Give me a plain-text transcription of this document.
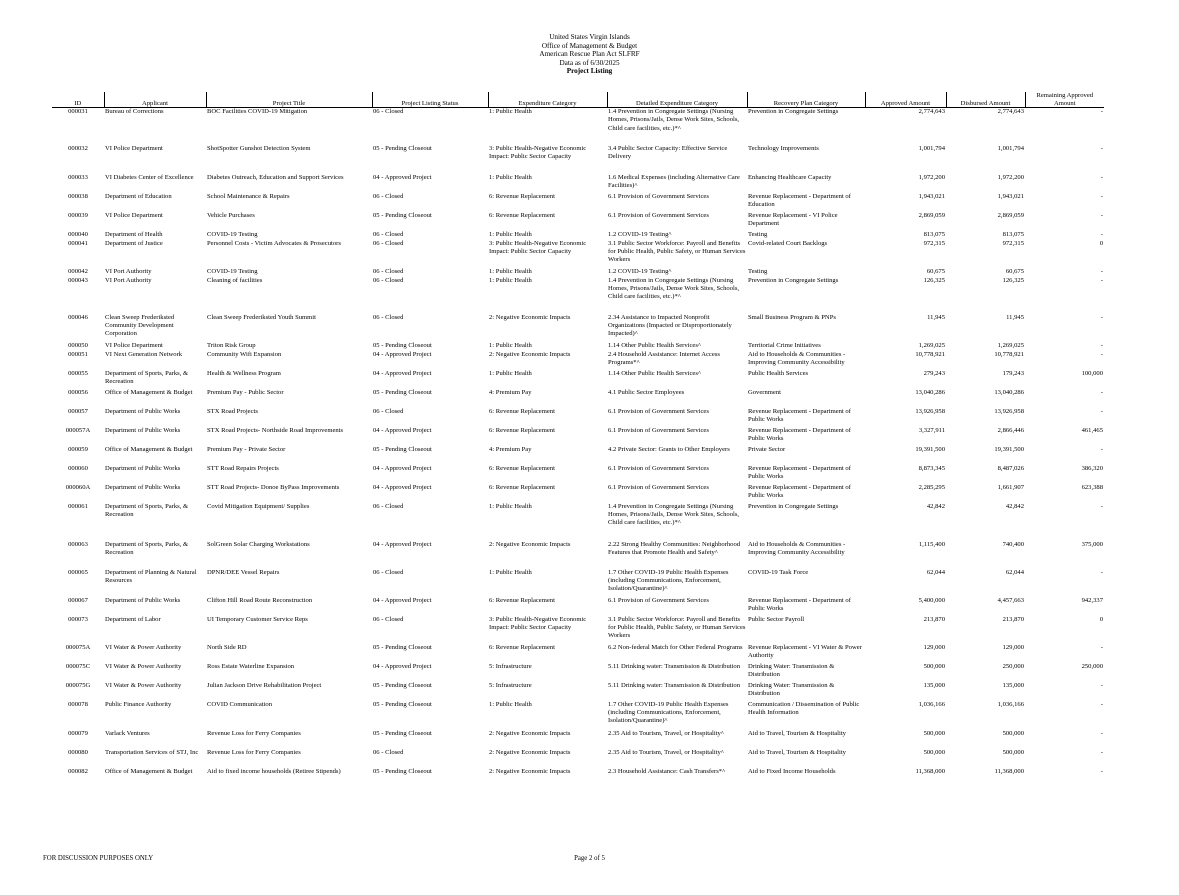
United States Virgin Islands
Office of Management & Budget
American Rescue Plan Act SLFRF
Data as of 6/30/2025
Project Listing
ID	Applicant	Project Title	Project Listing Status	Expenditure Category	Detailed Expenditure Category	Recovery Plan Category	Approved Amount	Disbursed Amount	Remaining Approved Amount
000031	Bureau of Corrections	BOC Facilities COVID-19 Mitigation	06 - Closed	1: Public Health	1.4 Prevention in Congregate Settings (Nursing Homes, Prisons/Jails, Dense Work Sites, Schools, Child care facilities, etc.)*^	Prevention in Congregate Settings	2,774,643	2,774,643	-
000032	VI Police Department	ShotSpotter Gunshot Detection System	05 - Pending Closeout	3: Public Health-Negative Economic Impact: Public Sector Capacity	3.4 Public Sector Capacity: Effective Service Delivery	Technology Improvements	1,001,794	1,001,794	-
000033	VI Diabetes Center of Excellence	Diabetes Outreach, Education and Support Services	04 - Approved Project	1: Public Health	1.6 Medical Expenses (including Alternative Care Facilities)^	Enhancing Healthcare Capacity	1,972,200	1,972,200	-
000038	Department of Education	School Maintenance & Repairs	06 - Closed	6: Revenue Replacement	6.1 Provision of Government Services	Revenue Replacement - Department of Education	1,943,021	1,943,021	-
000039	VI Police Department	Vehicle Purchases	05 - Pending Closeout	6: Revenue Replacement	6.1 Provision of Government Services	Revenue Replacement - VI Police Department	2,869,059	2,869,059	-
000040	Department of Health	COVID-19 Testing	06 - Closed	1: Public Health	1.2 COVID-19 Testing^	Testing	813,075	813,075	-
000041	Department of Justice	Personnel Costs - Victim Advocates & Prosecutors	06 - Closed	3: Public Health-Negative Economic Impact: Public Sector Capacity	3.1 Public Sector Workforce: Payroll and Benefits for Public Health, Public Safety, or Human Services Workers	Covid-related Court Backlogs	972,315	972,315	0
000042	VI Port Authority	COVID-19 Testing	06 - Closed	1: Public Health	1.2 COVID-19 Testing^	Testing	60,675	60,675	-
000043	VI Port Authority	Cleaning of facilities	06 - Closed	1: Public Health	1.4 Prevention in Congregate Settings (Nursing Homes, Prisons/Jails, Dense Work Sites, Schools, Child care facilities, etc.)*^	Prevention in Congregate Settings	126,325	126,325	-
000046	Clean Sweep Frederiksted Community Development Corporation	Clean Sweep Frederiksted Youth Summit	06 - Closed	2: Negative Economic Impacts	2.34 Assistance to Impacted Nonprofit Organizations (Impacted or Disproportionately Impacted)^	Small Business Program & PNPs	11,945	11,945	-
000050	VI Police Department	Triton Risk Group	05 - Pending Closeout	1: Public Health	1.14 Other Public Health Services^	Territorial Crime Initiatives	1,269,025	1,269,025	-
000051	VI Next Generation Network	Community Wifi Expansion	04 - Approved Project	2: Negative Economic Impacts	2.4 Household Assistance: Internet Access Programs*^	Aid to Households & Communities - Improving Community Accessibility	10,778,921	10,778,921	-
000055	Department of Sports, Parks, & Recreation	Health & Wellness Program	04 - Approved Project	1: Public Health	1.14 Other Public Health Services^	Public Health Services	279,243	179,243	100,000
000056	Office of Management & Budget	Premium Pay - Public Sector	05 - Pending Closeout	4: Premium Pay	4.1 Public Sector Employees	Government	13,040,286	13,040,286	-
000057	Department of Public Works	STX Road Projects	06 - Closed	6: Revenue Replacement	6.1 Provision of Government Services	Revenue Replacement - Department of Public Works	13,926,958	13,926,958	-
000057A	Department of Public Works	STX Road Projects- Northside Road Improvements	04 - Approved Project	6: Revenue Replacement	6.1 Provision of Government Services	Revenue Replacement - Department of Public Works	3,327,911	2,866,446	461,465
000059	Office of Management & Budget	Premium Pay - Private Sector	05 - Pending Closeout	4: Premium Pay	4.2 Private Sector: Grants to Other Employers	Private Sector	19,391,500	19,391,500	-
000060	Department of Public Works	STT Road Repairs Projects	04 - Approved Project	6: Revenue Replacement	6.1 Provision of Government Services	Revenue Replacement - Department of Public Works	8,873,345	8,487,026	386,320
000060A	Department of Public Works	STT Road Projects- Donoe ByPass Improvements	04 - Approved Project	6: Revenue Replacement	6.1 Provision of Government Services	Revenue Replacement - Department of Public Works	2,285,295	1,661,907	623,388
000061	Department of Sports, Parks, & Recreation	Covid Mitigation Equipment/ Supplies	06 - Closed	1: Public Health	1.4 Prevention in Congregate Settings (Nursing Homes, Prisons/Jails, Dense Work Sites, Schools, Child care facilities, etc.)*^	Prevention in Congregate Settings	42,842	42,842	-
000063	Department of Sports, Parks, & Recreation	SolGreen Solar Charging Workstations	04 - Approved Project	2: Negative Economic Impacts	2.22 Strong Healthy Communities: Neighborhood Features that Promote Health and Safety^	Aid to Households & Communities - Improving Community Accessibility	1,115,400	740,400	375,000
000065	Department of Planning & Natural Resources	DPNR/DEE Vessel Repairs	06 - Closed	1: Public Health	1.7 Other COVID-19 Public Health Expenses (including Communications, Enforcement, Isolation/Quarantine)^	COVID-19 Task Force	62,044	62,044	-
000067	Department of Public Works	Clifton Hill Road Route Reconstruction	04 - Approved Project	6: Revenue Replacement	6.1 Provision of Government Services	Revenue Replacement - Department of Public Works	5,400,000	4,457,663	942,337
000073	Department of Labor	UI Temporary Customer Service Reps	06 - Closed	3: Public Health-Negative Economic Impact: Public Sector Capacity	3.1 Public Sector Workforce: Payroll and Benefits for Public Health, Public Safety, or Human Services Workers	Public Sector Payroll	213,870	213,870	0
000075A	VI Water & Power Authority	North Side RD	05 - Pending Closeout	6: Revenue Replacement	6.2 Non-federal Match for Other Federal Programs	Revenue Replacement - VI Water & Power Authority	129,000	129,000	-
000075C	VI Water & Power Authority	Ross Estate Waterline Expansion	04 - Approved Project	5: Infrastructure	5.11 Drinking water: Transmission & Distribution	Drinking Water: Transmission & Distribution	500,000	250,000	250,000
000075G	VI Water & Power Authority	Julian Jackson Drive Rehabilitation Project	05 - Pending Closeout	5: Infrastructure	5.11 Drinking water: Transmission & Distribution	Drinking Water: Transmission & Distribution	135,000	135,000	-
000078	Public Finance Authority	COVID Communication	05 - Pending Closeout	1: Public Health	1.7 Other COVID-19 Public Health Expenses (including Communications, Enforcement, Isolation/Quarantine)^	Communication / Dissemination of Public Health Information	1,036,166	1,036,166	-
000079	Varlack Ventures	Revenue Loss for Ferry Companies	05 - Pending Closeout	2: Negative Economic Impacts	2.35 Aid to Tourism, Travel, or Hospitality^	Aid to Travel, Tourism & Hospitality	500,000	500,000	-
000080	Transportation Services of STJ, Inc	Revenue Loss for Ferry Companies	06 - Closed	2: Negative Economic Impacts	2.35 Aid to Tourism, Travel, or Hospitality^	Aid to Travel, Tourism & Hospitality	500,000	500,000	-
000082	Office of Management & Budget	Aid to fixed income households (Retiree Stipends)	05 - Pending Closeout	2: Negative Economic Impacts	2.3 Household Assistance: Cash Transfers*^	Aid to Fixed Income Households	11,368,000	11,368,000	-
FOR DISCUSSION PURPOSES ONLY	Page 2 of 5
